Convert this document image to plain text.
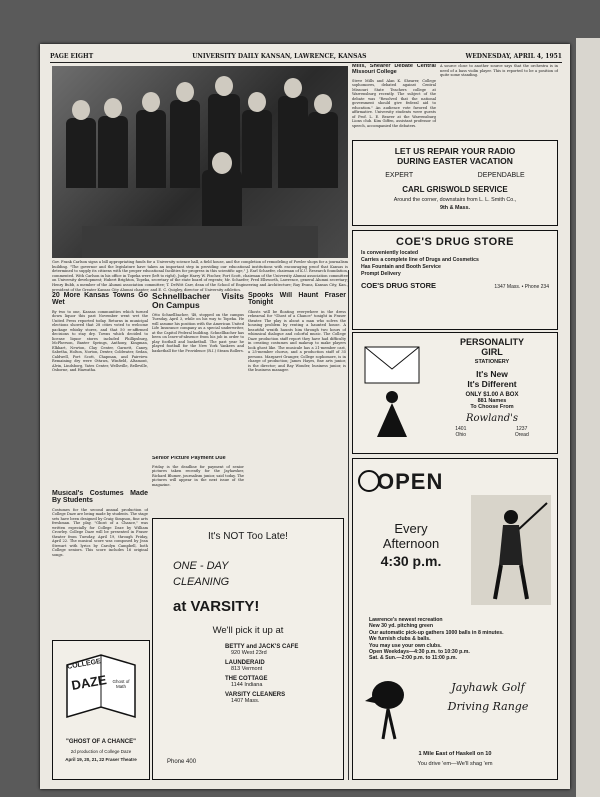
PAGE EIGHT	UNIVERSITY DAILY KANSAN, LAWRENCE, KANSAS	WEDNESDAY, APRIL 4, 1951
Gov. Frank Carlson signs a bill appropriating funds for a University science hall, a field house, and the completion of remodeling of Fowler shops for a journalism building. "The governor and the legislature have taken an important step in providing our educational institutions with encouraging proof that Kansas is determined to supply its citizens with the proper educational facilities for progress in this scientific age," J. Earl Schaefer, chairman of K.U. Research foundation, commented. With Carlson in his office in Topeka were (left to right), Judge Harry W. Fischer, Fort Scott, chairman of the University Alumni association committee on University development; Hubert Brighton, Topeka, secretary of the state board of regents; Mr. Schaefer; Fred Ellsworth, Lawrence, general Alumni secretary; Henry Bubb, a member of the Alumni association committee; T. DeWitt Carr, dean of the School of Engineering and Architecture; Ray Evans, Kansas City, Kan., president of the Greater Kansas City Alumni chapter; and E. C. Quigley, director of University athletics.
Mills, Shearer Debate Central Missouri College
Steve Mills and Alan K. Shearer, College sophomores, debated against Central Missouri State Teachers college at Warrensburg recently. The subject of the debate was "Resolved that the national government should give federal aid to education." An audience vote favored the affirmative. University students were guests of Prof. L. E. Beaver at the Warrensburg Lions club. Kim Giffen, assistant professor of speech, accompanied the debaters.
A source close to another source says that the orchestra is in need of a bass violin player. This is reported to be a position of quite some standing.
LET US REPAIR YOUR RADIO
DURING EASTER VACATION
EXPERT	DEPENDABLE
CARL GRISWOLD SERVICE
Around the corner, downstairs from L. L. Smith Co.,
9th & Mass.
COE'S DRUG STORE
Is conveniently located
Carries a complete line of Drugs and Cosmetics
Has Fountain and Booth Service
Prompt Delivery
COE'S DRUG STORE	1347 Mass. • Phone 234
PERSONALITY
GIRL
STATIONERY
It's New
It's Different
ONLY $1.00 A BOX
881 Names
To Choose From
Rowland's
1401
Ohio
1237
Oread
OPEN
Every
Afternoon
4:30 p.m.
Lawrence's newest recreation
New 30 yd. pitching green
Our automatic pick-up gathers 1000 balls in 8 minutes.
We furnish clubs & balls.
You may use your own clubs.
Open Weekdays—4:30 p.m. to 10:30 p.m.
Sat. & Sun.—2:00 p.m. to 11:00 p.m.
Jayhawk Golf
Driving Range
1 Mile East of Haskell on 10
You drive 'em—We'll shag 'em
20 More Kansas Towns Go Wet
By two to one, Kansas communities which turned down liquor this past November went wet the United Press reported today. Returns in municipal elections showed that 28 cities voted to welcome package whisky stores, and that 50 re-affirmed decisions to stay dry. Towns which decided to license liquor stores included Phillipsburg, McPherson, Baxter Springs, Anthony, Kingman, Elkhart, Newton, Clay Center, Garnett, Caney, Sabetha, Holton, Norton, Dexter, Coldwater, Sedan, Caldwell, Fort Scott, Chapman, and Fairview. Remaining dry were Ottawa, Winfield, Altamont, Alvin, Lindsborg, Yates Center, Wellsville, Belleville, Osborne, and Hiawatha.
Musical's Costumes Made By Students
Costumes for the second annual production of College Daze are being made by students. The stage sets have been designed by Craig Simpson, fine arts freshman. The play, "Ghost of a Chance," was written especially for College Daze by William Crowley. College Daze will be presented in Fraser theater from Tuesday, April 19, through Friday, April 22. The musical score was composed by Jean Stewart with lyrics by Carolyn Campbell, both College seniors. This score includes 16 original songs.
COLLEGE
DAZE	Ghost of Math
"GHOST OF A CHANCE"
2d production of College Daze
April 19, 20, 21, 22 Fraser Theatre
Schnellbacher Visits On Campus
Otto Schnellbacher, '48, stopped on the campus Tuesday, April 3, while on his way to Topeka. He will assume his position with the American United Life Insurance company as a special underwriter, at the Capitol Federal building. Schnellbacher has been on leave-of-absence from his job in order to play football and basketball. The past year he played football for the New York Yankees and basketball for the Providence (R.I.) Steam Rollers.
Senior Picture Payment Due
Friday is the deadline for payment of senior pictures taken recently for the Jayhawker, Richard Blumer, journalism junior, said today. The pictures will appear in the next issue of the magazine.
Spooks Will Haunt Fraser Tonight
Ghosts will be floating everywhere in the dress rehearsal for "Ghost of a Chance" tonight in Fraser theater. The play is about a man who solves the housing problem by renting a haunted house. A beautiful wraith haunts him through two hours of whimsical dialogue and colorful music. The College Daze production staff report they have had difficulty in creating costumes and makeup to make players look ghost like. The musicale has a 21-member cast, a 25-member chorus, and a production staff of 35 persons. Margaret Granger, College sophomore, is in charge of production; James Hayes, fine arts junior, is the director; and Ray Wonder, business junior, is the business manager.
It's NOT Too Late!
ONE - DAY
CLEANING
at VARSITY!
We'll pick it up at
BETTY and JACK'S CAFE
920 West 23rd
LAUNDERAID
813 Vermont
THE COTTAGE
1144 Indiana
VARSITY CLEANERS
1407 Mass.
Phone 400
